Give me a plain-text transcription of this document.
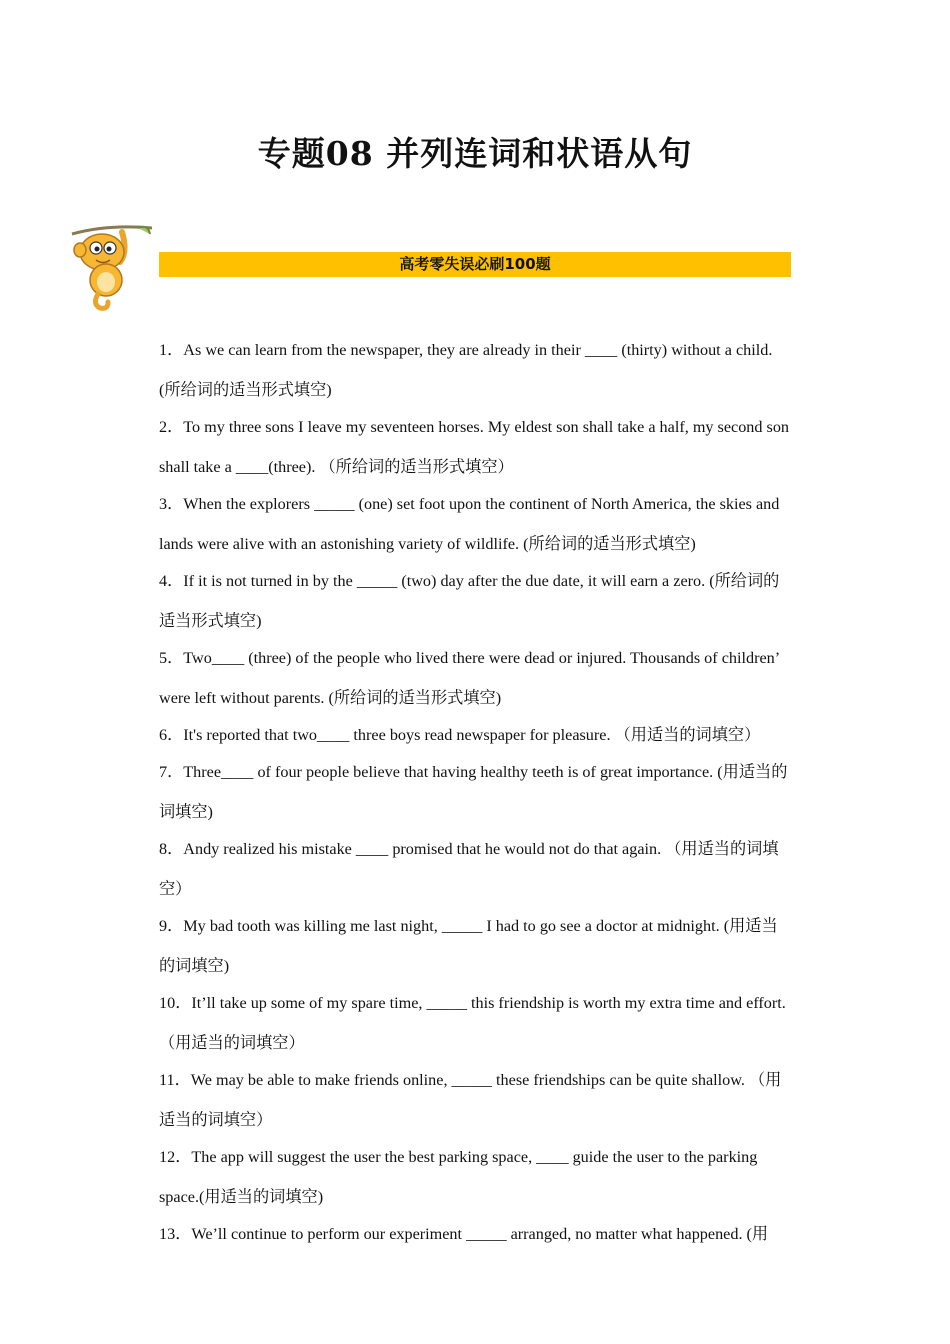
专题08 并列连词和状语从句
高考零失误必刷100题
1．As we can learn from the newspaper, they are already in their ____ (thirty) without a child. (所给词的适当形式填空)
2．To my three sons I leave my seventeen horses. My eldest son shall take a half, my second son shall take a ____(three). （所给词的适当形式填空）
3．When the explorers _____ (one) set foot upon the continent of North America, the skies and lands were alive with an astonishing variety of wildlife. (所给词的适当形式填空)
4．If it is not turned in by the _____ (two) day after the due date, it will earn a zero. (所给词的适当形式填空)
5．Two____ (three) of the people who lived there were dead or injured. Thousands of children’ were left without parents. (所给词的适当形式填空)
6．It's reported that two____ three boys read newspaper for pleasure. （用适当的词填空）
7．Three____ of four people believe that having healthy teeth is of great importance. (用适当的词填空)
8．Andy realized his mistake ____ promised that he would not do that again. （用适当的词填空）
9．My bad tooth was killing me last night, _____ I had to go see a doctor at midnight. (用适当的词填空)
10．It’ll take up some of my spare time, _____ this friendship is worth my extra time and effort. （用适当的词填空）
11．We may be able to make friends online, _____ these friendships can be quite shallow. （用适当的词填空）
12．The app will suggest the user the best parking space, ____ guide the user to the parking space.(用适当的词填空)
13．We’ll continue to perform our experiment _____ arranged, no matter what happened. (用
